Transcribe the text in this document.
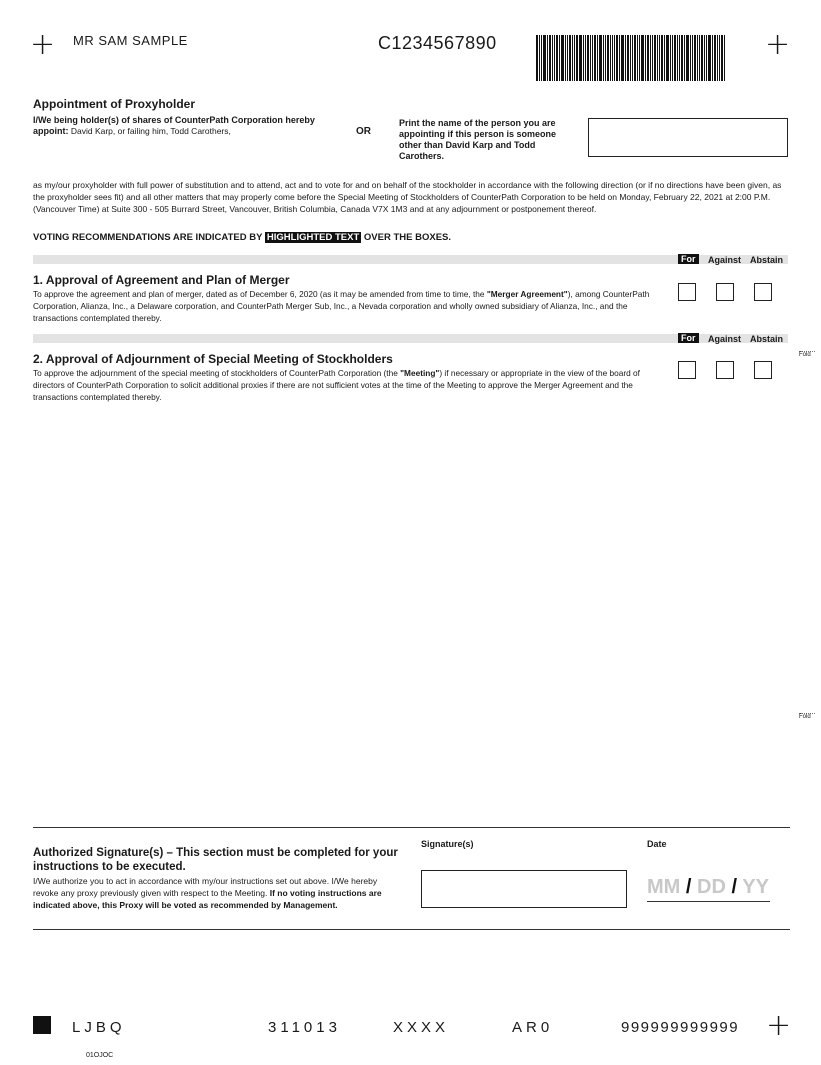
+ MR SAM SAMPLE	C1234567890	+
Appointment of Proxyholder
I/We being holder(s) of shares of CounterPath Corporation hereby
appoint: David Karp, or failing him, Todd Carothers,	OR
Print the name of the person you are appointing if this person is someone other than David Karp and Todd Carothers.
as my/our proxyholder with full power of substitution and to attend, act and to vote for and on behalf of the stockholder in accordance with the following direction (or if no directions have been given, as the proxyholder sees fit) and all other matters that may properly come before the Special Meeting of Stockholders of CounterPath Corporation to be held on Monday, February 22, 2021 at 2:00 P.M. (Vancouver Time) at Suite 300 - 505 Burrard Street, Vancouver, British Columbia, Canada V7X 1M3 and at any adjournment or postponement thereof.
VOTING RECOMMENDATIONS ARE INDICATED BY HIGHLIGHTED TEXT OVER THE BOXES.
For	Against Abstain
1. Approval of Agreement and Plan of Merger
To approve the agreement and plan of merger, dated as of December 6, 2020 (as it may be amended from time to time, the "Merger Agreement"), among CounterPath Corporation, Alianza, Inc., a Delaware corporation, and CounterPath Merger Sub, Inc., a Nevada corporation and wholly owned subsidiary of Alianza, Inc., and the transactions contemplated thereby.
For	Against Abstain
2. Approval of Adjournment of Special Meeting of Stockholders
To approve the adjournment of the special meeting of stockholders of CounterPath Corporation (the "Meeting") if necessary or appropriate in the view of the board of directors of CounterPath Corporation to solicit additional proxies if there are not sufficient votes at the time of the Meeting to approve the Merger Agreement and the transactions contemplated thereby.
Fold
Fold
Authorized Signature(s) – This section must be completed for your instructions to be executed.
I/We authorize you to act in accordance with my/our instructions set out above. I/We hereby revoke any proxy previously given with respect to the Meeting. If no voting instructions are indicated above, this Proxy will be voted as recommended by Management.
Signature(s)	Date
MM / DD / YY
LJBQ	311013	XXXX	AR0	999999999999 +
01OJOC
